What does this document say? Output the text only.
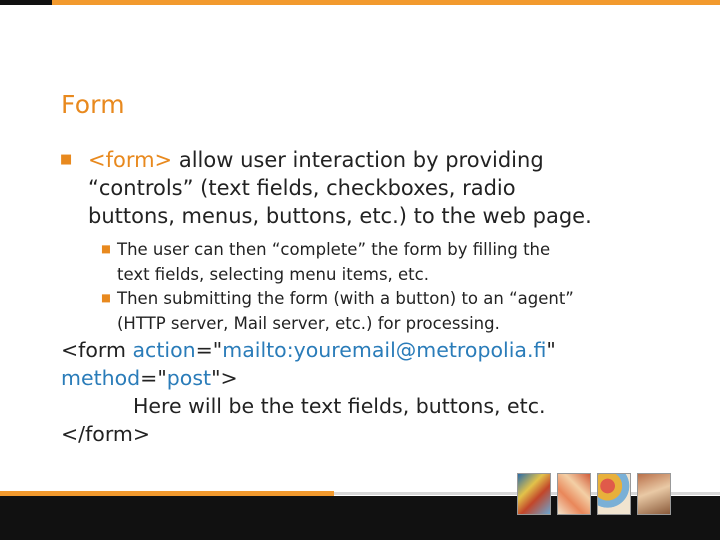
Form
■ <form> allow user interaction by providing
“controls” (text fields, checkboxes, radio
buttons, menus, buttons, etc.) to the web page.
■ The user can then “complete” the form by filling the
text fields, selecting menu items, etc.
■ Then submitting the form (with a button) to an “agent”
(HTTP server, Mail server, etc.) for processing.
<form action="mailto:youremail@metropolia.fi"
method="post">
Here will be the text fields, buttons, etc.
</form>
